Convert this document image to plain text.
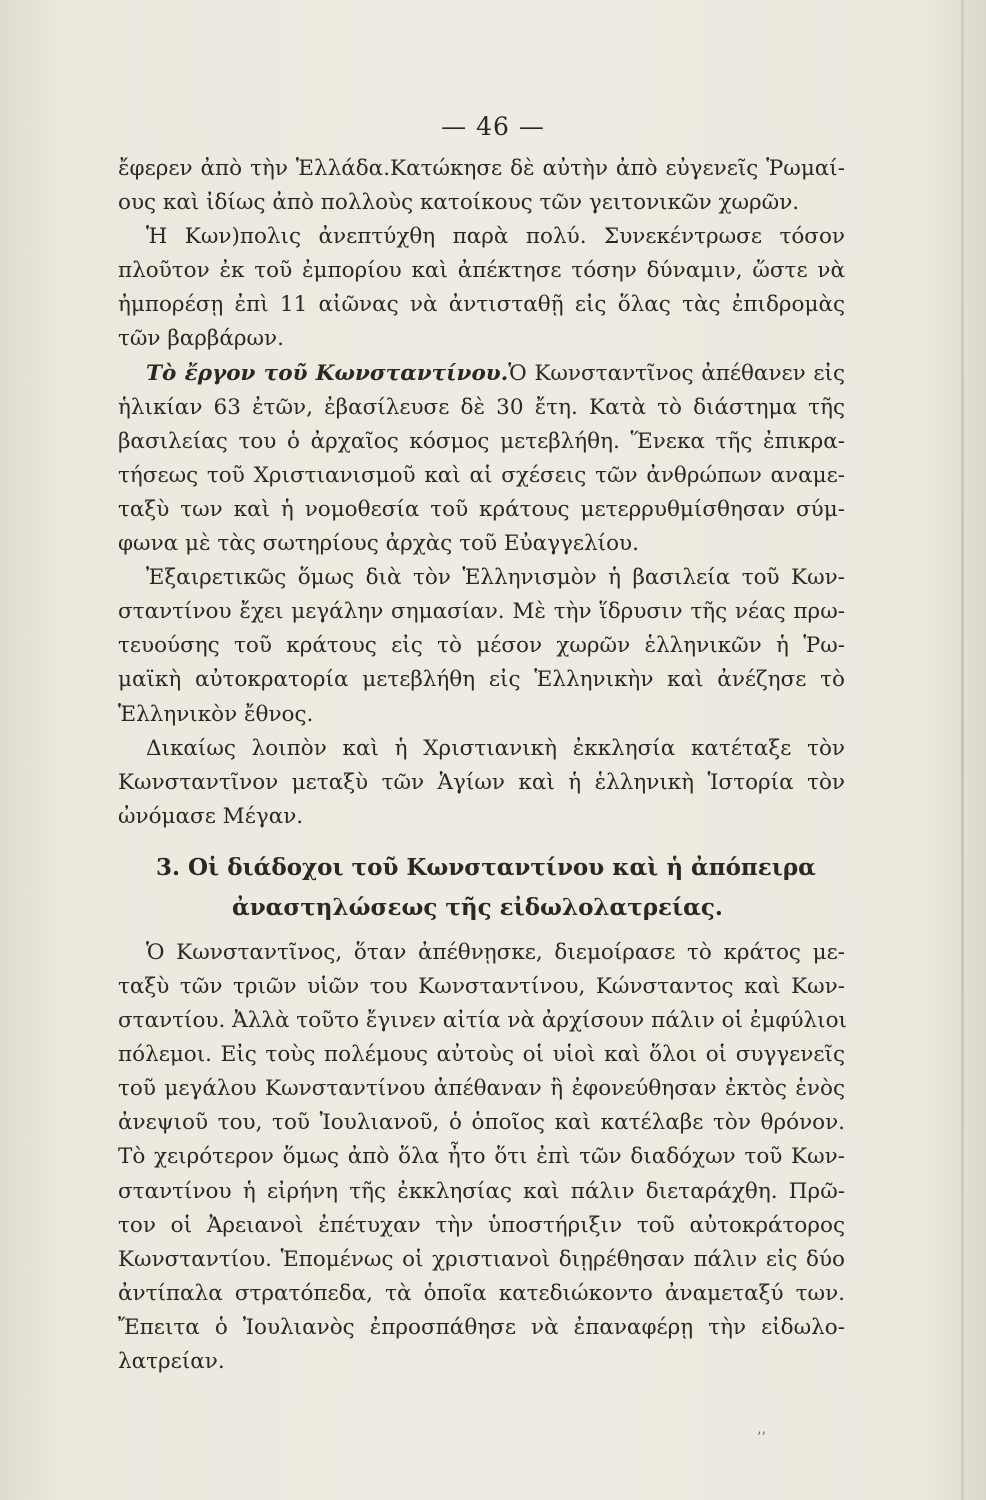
— 46 —
ἔφερεν ἀπὸ τὴν Ἑλλάδα.Κατώκησε δὲ αὐτὴν ἀπὸ εὐγενεῖς Ῥωμαί-
ους καὶ ἰδίως ἀπὸ πολλοὺς κατοίκους τῶν γειτονικῶν χωρῶν.
Ἡ Κων)πολις ἀνεπτύχθη παρὰ πολύ. Συνεκέντρωσε τόσον
πλοῦτον ἐκ τοῦ ἐμπορίου καὶ ἀπέκτησε τόσην δύναμιν, ὥστε νὰ
ἠμπορέσῃ ἐπὶ 11 αἰῶνας νὰ ἀντισταθῇ εἰς ὅλας τὰς ἐπιδρομὰς
τῶν βαρβάρων.
Τὸ ἔργον τοῦ Κωνσταντίνου.Ὁ Κωνσταντῖνος ἀπέθανεν εἰς
ἡλικίαν 63 ἐτῶν, ἐβασίλευσε δὲ 30 ἔτη. Κατὰ τὸ διάστημα τῆς
βασιλείας του ὁ ἀρχαῖος κόσμος μετεβλήθη. Ἕνεκα τῆς ἐπικρα-
τήσεως τοῦ Χριστιανισμοῦ καὶ αἱ σχέσεις τῶν ἀνθρώπων αναμε-
ταξὺ των καὶ ἡ νομοθεσία τοῦ κράτους μετερρυθμίσθησαν σύμ-
φωνα μὲ τὰς σωτηρίους ἀρχὰς τοῦ Εὐαγγελίου.
Ἐξαιρετικῶς ὅμως διὰ τὸν Ἑλληνισμὸν ἡ βασιλεία τοῦ Κων-
σταντίνου ἔχει μεγάλην σημασίαν. Μὲ τὴν ἵδρυσιν τῆς νέας πρω-
τευούσης τοῦ κράτους εἰς τὸ μέσον χωρῶν ἑλληνικῶν ἡ Ῥω-
μαϊκὴ αὐτοκρατορία μετεβλήθη εἰς Ἑλληνικὴν καὶ ἀνέζησε τὸ
Ἑλληνικὸν ἔθνος.
Δικαίως λοιπὸν καὶ ἡ Χριστιανικὴ ἐκκλησία κατέταξε τὸν
Κωνσταντῖνον μεταξὺ τῶν Ἁγίων καὶ ἡ ἑλληνικὴ Ἱστορία τὸν
ὠνόμασε Μέγαν.
3. Οἱ διάδοχοι τοῦ Κωνσταντίνου καὶ ἡ ἀπόπειρα
ἀναστηλώσεως τῆς εἰδωλολατρείας.
Ὁ Κωνσταντῖνος, ὅταν ἀπέθνῃσκε, διεμοίρασε τὸ κράτος με-
ταξὺ τῶν τριῶν υἱῶν του Κωνσταντίνου, Κώνσταντος καὶ Κων-
σταντίου. Ἀλλὰ τοῦτο ἔγινεν αἰτία νὰ ἀρχίσουν πάλιν οἱ ἐμφύλιοι
πόλεμοι. Εἰς τοὺς πολέμους αὐτοὺς οἱ υἱοὶ καὶ ὅλοι οἱ συγγενεῖς
τοῦ μεγάλου Κωνσταντίνου ἀπέθαναν ἢ ἐφονεύθησαν ἐκτὸς ἑνὸς
ἀνεψιοῦ του, τοῦ Ἰουλιανοῦ, ὁ ὁποῖος καὶ κατέλαβε τὸν θρόνον.
Τὸ χειρότερον ὅμως ἀπὸ ὅλα ἦτο ὅτι ἐπὶ τῶν διαδόχων τοῦ Κων-
σταντίνου ἡ εἰρήνη τῆς ἐκκλησίας καὶ πάλιν διεταράχθη. Πρῶ-
τον οἱ Ἀρειανοὶ ἐπέτυχαν τὴν ὑποστήριξιν τοῦ αὐτοκράτορος
Κωνσταντίου. Ἑπομένως οἱ χριστιανοὶ διῃρέθησαν πάλιν εἰς δύο
ἀντίπαλα στρατόπεδα, τὰ ὁποῖα κατεδιώκοντο ἀναμεταξύ των.
Ἔπειτα ὁ Ἰουλιανὸς ἐπροσπάθησε νὰ ἐπαναφέρῃ τὴν εἰδωλο-
λατρείαν.
’’
